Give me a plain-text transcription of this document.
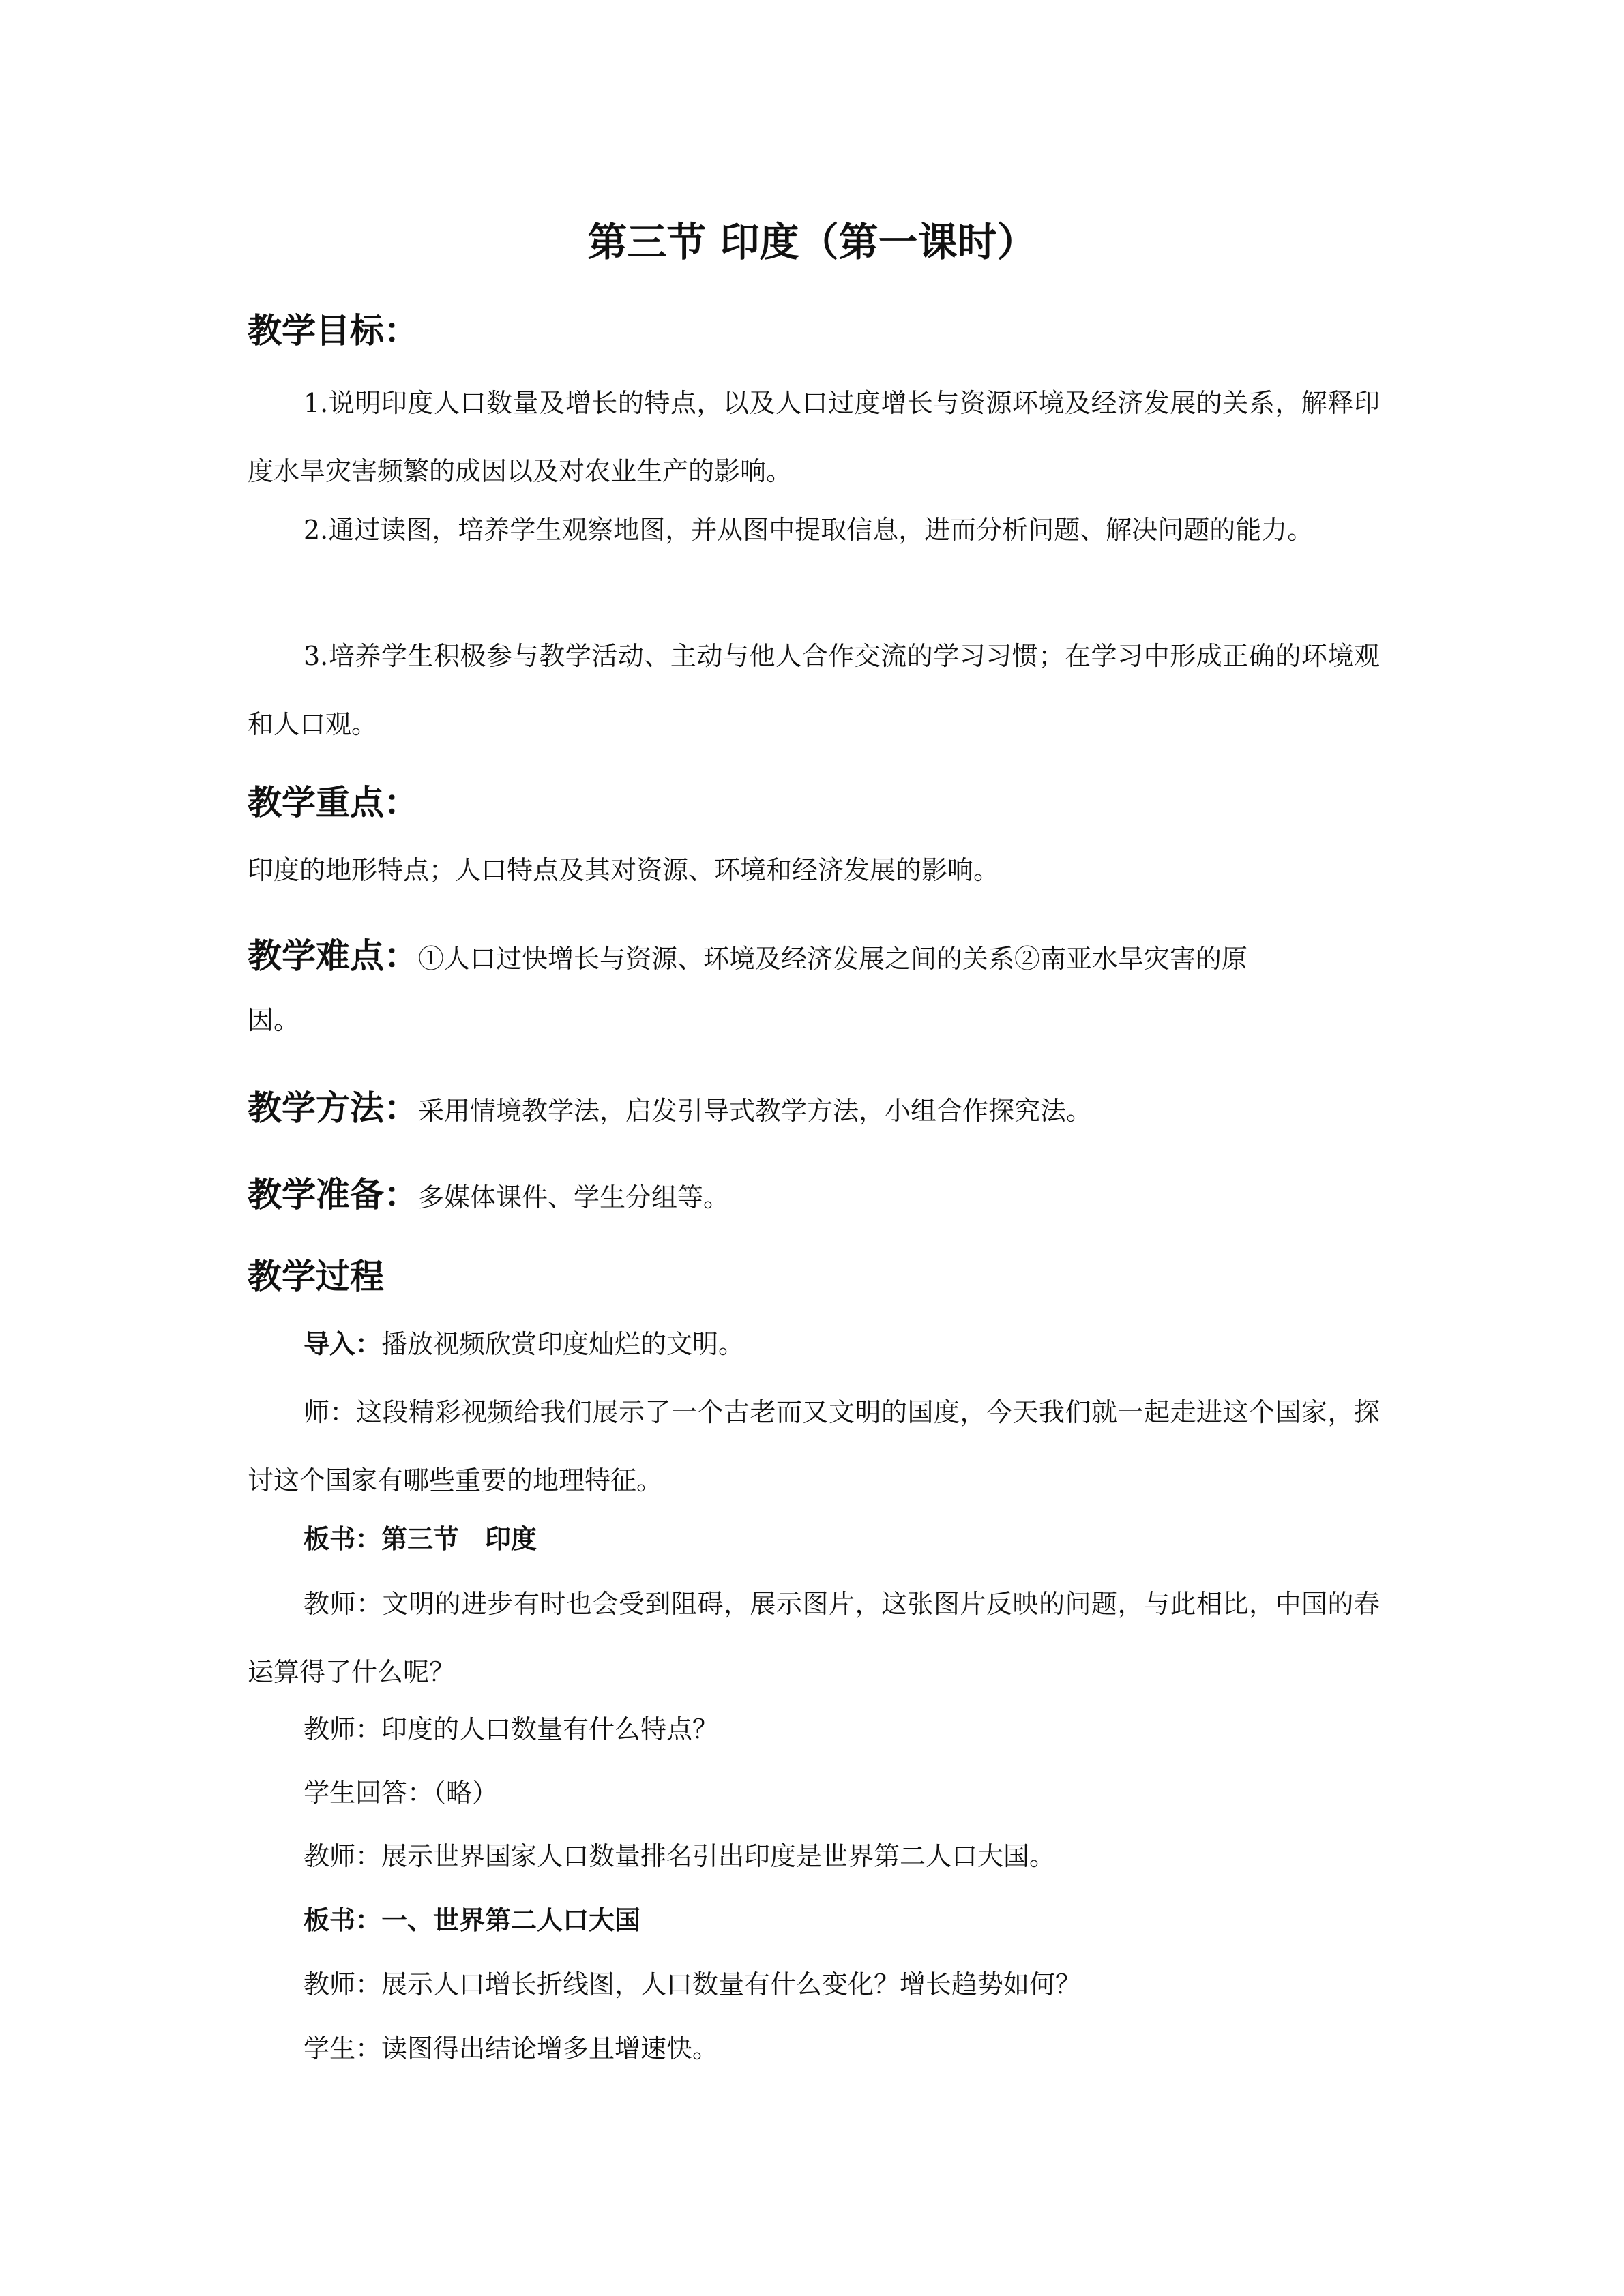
第三节 印度（第一课时）
教学目标：
1.说明印度人口数量及增长的特点，以及人口过度增长与资源环境及经济发展的关系，解释印度水旱灾害频繁的成因以及对农业生产的影响。
2.通过读图，培养学生观察地图，并从图中提取信息，进而分析问题、解决问题的能力。
3.培养学生积极参与教学活动、主动与他人合作交流的学习习惯；在学习中形成正确的环境观和人口观。
教学重点：
印度的地形特点；人口特点及其对资源、环境和经济发展的影响。
教学难点：①人口过快增长与资源、环境及经济发展之间的关系②南亚水旱灾害的原
因。
教学方法：采用情境教学法，启发引导式教学方法，小组合作探究法。
教学准备：多媒体课件、学生分组等。
教学过程
导入：播放视频欣赏印度灿烂的文明。
师：这段精彩视频给我们展示了一个古老而又文明的国度，今天我们就一起走进这个国家，探讨这个国家有哪些重要的地理特征。
板书：第三节 印度
教师：文明的进步有时也会受到阻碍，展示图片，这张图片反映的问题，与此相比，中国的春运算得了什么呢？
教师：印度的人口数量有什么特点？
学生回答：（略）
教师：展示世界国家人口数量排名引出印度是世界第二人口大国。
板书：一、世界第二人口大国
教师：展示人口增长折线图，人口数量有什么变化？增长趋势如何？
学生：读图得出结论增多且增速快。
